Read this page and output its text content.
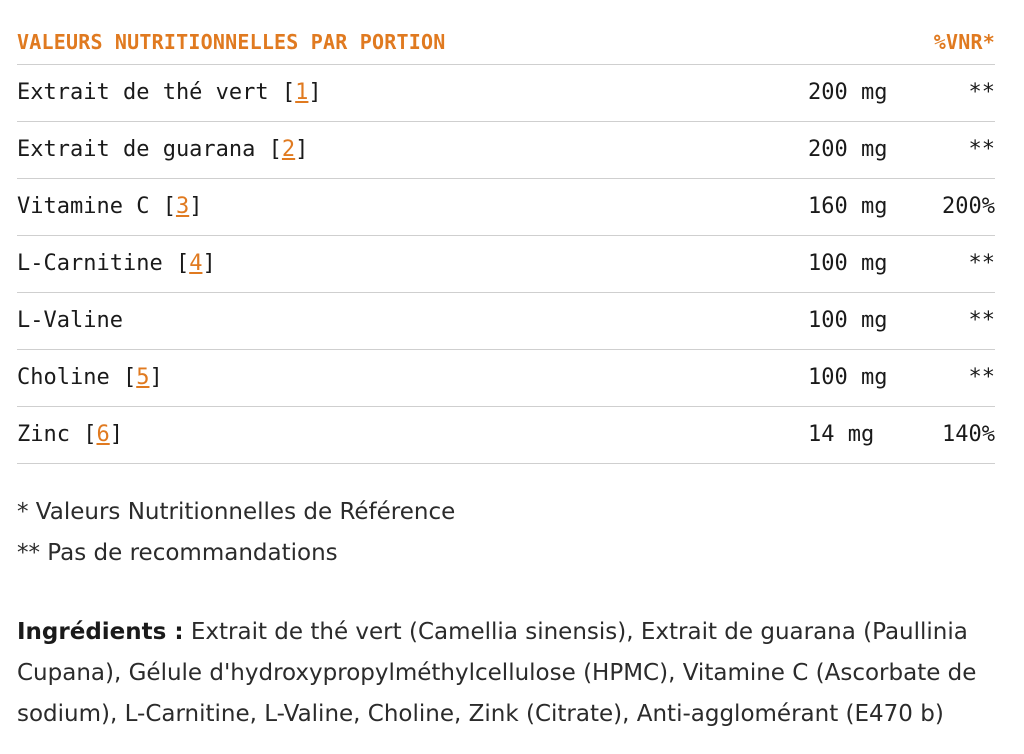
VALEURS NUTRITIONNELLES PAR PORTION	%VNR*
Extrait de thé vert [1]	200 mg	**
Extrait de guarana [2]	200 mg	**
Vitamine C [3]	160 mg 200%
L-Carnitine [4]	100 mg	**
L-Valine	100 mg	**
Choline [5]	100 mg	**
Zinc [6]	14 mg	140%
* Valeurs Nutritionnelles de Référence
** Pas de recommandations
Ingrédients : Extrait de thé vert (Camellia sinensis), Extrait de guarana (Paullinia Cupana), Gélule d'hydroxypropylméthylcellulose (HPMC), Vitamine C (Ascorbate de sodium), L-Carnitine, L-Valine, Choline, Zink (Citrate), Anti-agglomérant (E470 b)
